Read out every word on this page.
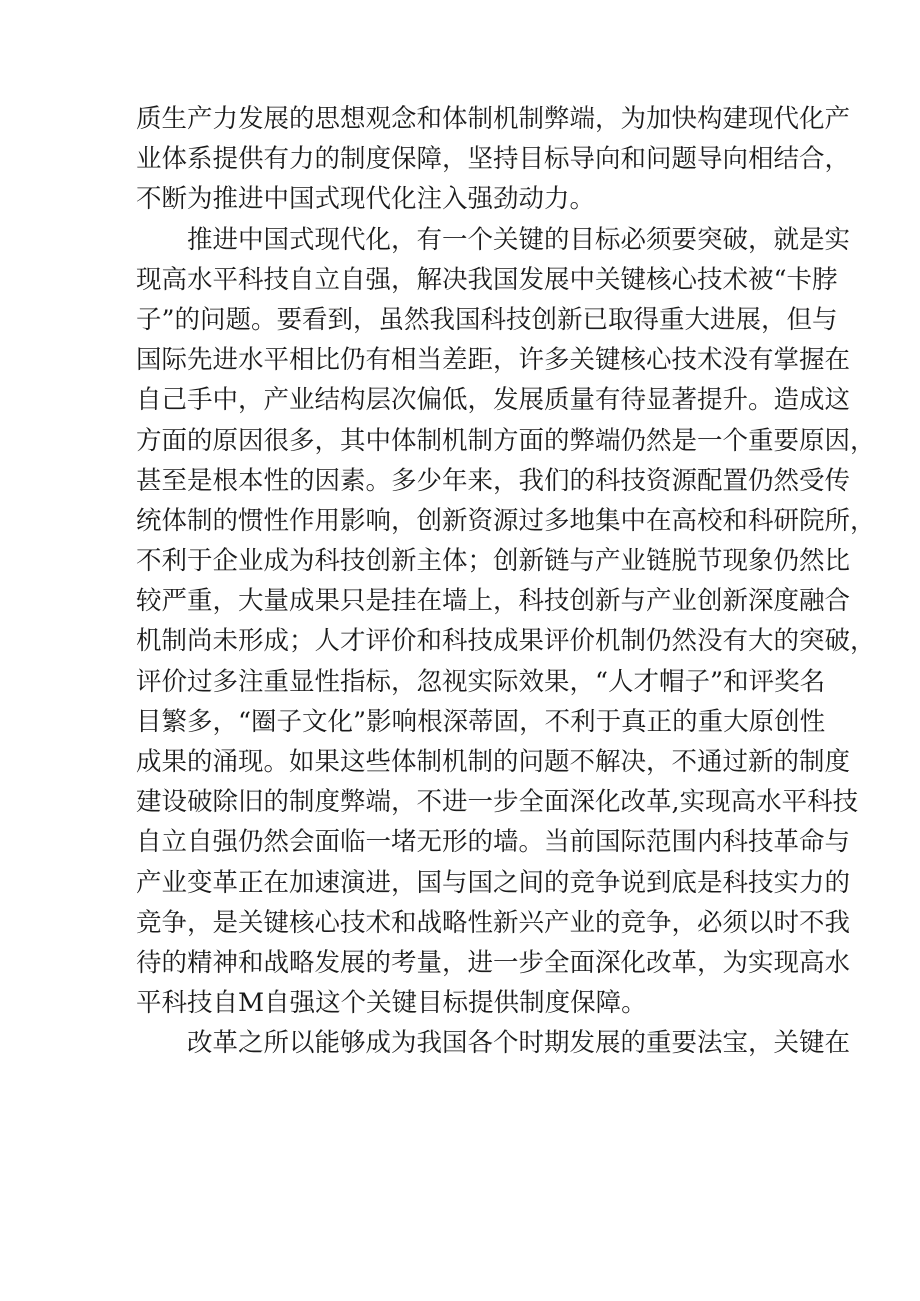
质生产力发展的思想观念和体制机制弊端，为加快构建现代化产
业体系提供有力的制度保障，坚持目标导向和问题导向相结合，
不断为推进中国式现代化注入强劲动力。
推进中国式现代化，有一个关键的目标必须要突破，就是实
现高水平科技自立自强，解决我国发展中关键核心技术被“卡脖
子”的问题。要看到，虽然我国科技创新已取得重大进展，但与
国际先进水平相比仍有相当差距，许多关键核心技术没有掌握在
自己手中，产业结构层次偏低，发展质量有待显著提升。造成这
方面的原因很多，其中体制机制方面的弊端仍然是一个重要原因，
甚至是根本性的因素。多少年来，我们的科技资源配置仍然受传
统体制的惯性作用影响，创新资源过多地集中在高校和科研院所，
不利于企业成为科技创新主体；创新链与产业链脱节现象仍然比
较严重，大量成果只是挂在墙上，科技创新与产业创新深度融合
机制尚未形成；人才评价和科技成果评价机制仍然没有大的突破，
评价过多注重显性指标，忽视实际效果，“人才帽子”和评奖名
目繁多，“圈子文化”影响根深蒂固，不利于真正的重大原创性
成果的涌现。如果这些体制机制的问题不解决，不通过新的制度
建设破除旧的制度弊端，不进一步全面深化改革,实现高水平科技
自立自强仍然会面临一堵无形的墙。当前国际范围内科技革命与
产业变革正在加速演进，国与国之间的竞争说到底是科技实力的
竞争，是关键核心技术和战略性新兴产业的竞争，必须以时不我
待的精神和战略发展的考量，进一步全面深化改革，为实现高水
平科技自M自强这个关键目标提供制度保障。
改革之所以能够成为我国各个时期发展的重要法宝，关键在
